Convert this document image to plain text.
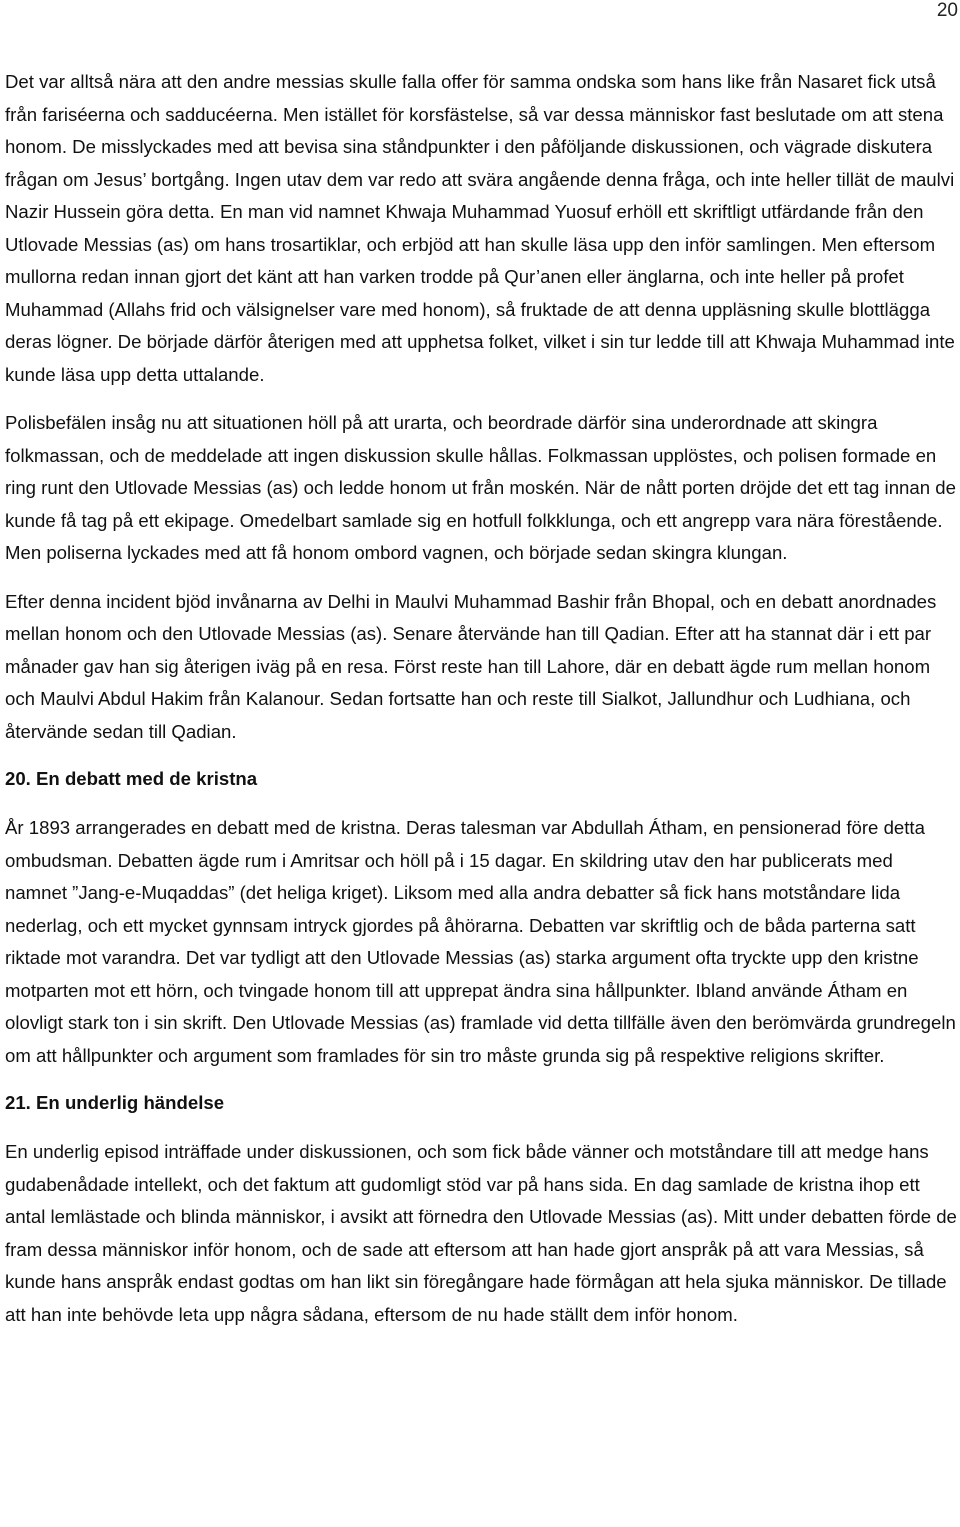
20

Det var alltså nära att den andre messias skulle falla offer för samma ondska som hans like från Nasaret fick utså från fariséerna och sadducéerna. Men istället för korsfästelse, så var dessa människor fast beslutade om att stena honom. De misslyckades med att bevisa sina ståndpunkter i den påföljande diskussionen, och vägrade diskutera frågan om Jesus’ bortgång. Ingen utav dem var redo att svära angående denna fråga, och inte heller tillät de maulvi Nazir Hussein göra detta. En man vid namnet Khwaja Muhammad Yuosuf erhöll ett skriftligt utfärdande från den Utlovade Messias (as) om hans trosartiklar, och erbjöd att han skulle läsa upp den inför samlingen. Men eftersom mullorna redan innan gjort det känt att han varken trodde på Qur’anen eller änglarna, och inte heller på profet Muhammad (Allahs frid och välsignelser vare med honom), så fruktade de att denna uppläsning skulle blottlägga deras lögner. De började därför återigen med att upphetsa folket, vilket i sin tur ledde till att Khwaja Muhammad inte kunde läsa upp detta uttalande.

Polisbefälen insåg nu att situationen höll på att urarta, och beordrade därför sina underordnade att skingra folkmassan, och de meddelade att ingen diskussion skulle hållas. Folkmassan upplöstes, och polisen formade en ring runt den Utlovade Messias (as) och ledde honom ut från moskén. När de nått porten dröjde det ett tag innan de kunde få tag på ett ekipage. Omedelbart samlade sig en hotfull folkklunga, och ett angrepp vara nära förestående. Men poliserna lyckades med att få honom ombord vagnen, och började sedan skingra klungan.

Efter denna incident bjöd invånarna av Delhi in Maulvi Muhammad Bashir från Bhopal, och en debatt anordnades mellan honom och den Utlovade Messias (as). Senare återvände han till Qadian. Efter att ha stannat där i ett par månader gav han sig återigen iväg på en resa. Först reste han till Lahore, där en debatt ägde rum mellan honom och Maulvi Abdul Hakim från Kalanour. Sedan fortsatte han och reste till Sialkot, Jallundhur och Ludhiana, och återvände sedan till Qadian.

20. En debatt med de kristna

År 1893 arrangerades en debatt med de kristna. Deras talesman var Abdullah Átham, en pensionerad före detta ombudsman. Debatten ägde rum i Amritsar och höll på i 15 dagar. En skildring utav den har publicerats med namnet ”Jang-e-Muqaddas” (det heliga kriget). Liksom med alla andra debatter så fick hans motståndare lida nederlag, och ett mycket gynnsam intryck gjordes på åhörarna. Debatten var skriftlig och de båda parterna satt riktade mot varandra. Det var tydligt att den Utlovade Messias (as) starka argument ofta tryckte upp den kristne motparten mot ett hörn, och tvingade honom till att upprepat ändra sina hållpunkter. Ibland använde Átham en olovligt stark ton i sin skrift. Den Utlovade Messias (as) framlade vid detta tillfälle även den berömvärda grundregeln om att hållpunkter och argument som framlades för sin tro måste grunda sig på respektive religions skrifter.

21. En underlig händelse

En underlig episod inträffade under diskussionen, och som fick både vänner och motståndare till att medge hans gudabenådade intellekt, och det faktum att gudomligt stöd var på hans sida. En dag samlade de kristna ihop ett antal lemlästade och blinda människor, i avsikt att förnedra den Utlovade Messias (as). Mitt under debatten förde de fram dessa människor inför honom, och de sade att eftersom att han hade gjort anspråk på att vara Messias, så kunde hans anspråk endast godtas om han likt sin föregångare hade förmågan att hela sjuka människor. De tillade att han inte behövde leta upp några sådana, eftersom de nu hade ställt dem inför honom.
